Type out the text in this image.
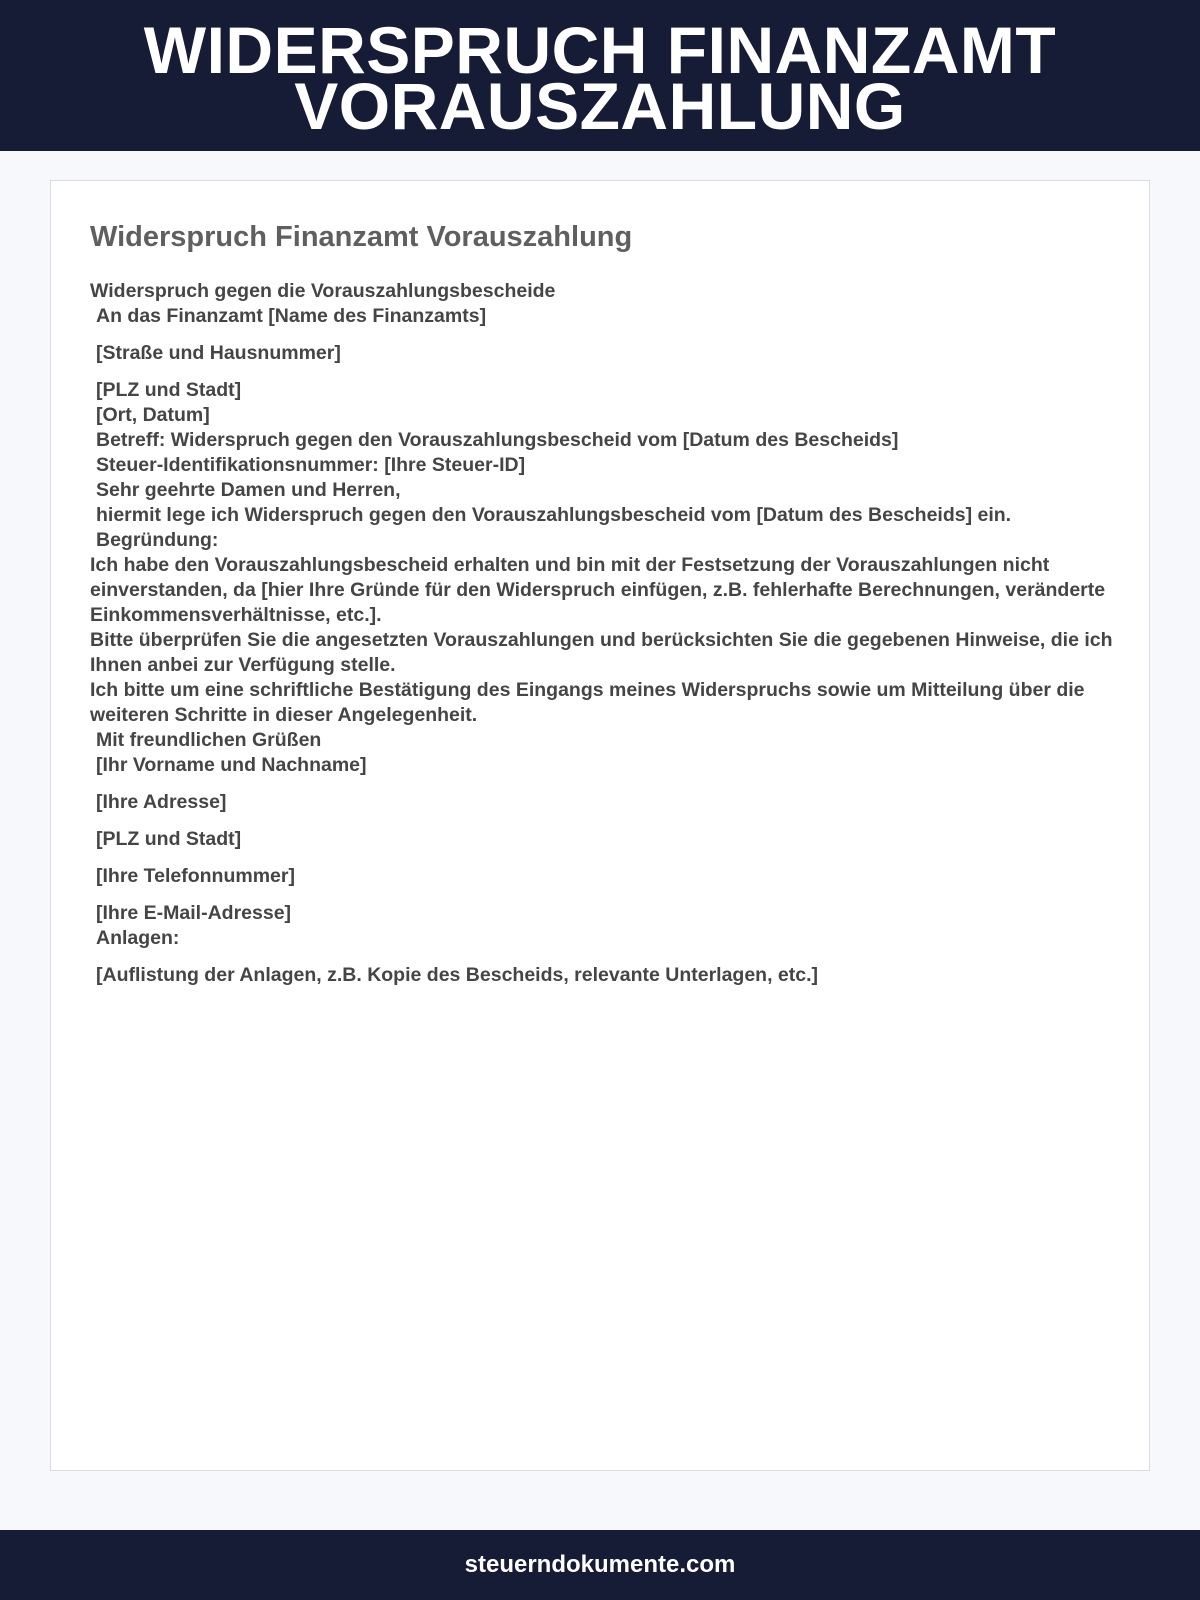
WIDERSPRUCH FINANZAMT VORAUSZAHLUNG
Widerspruch Finanzamt Vorauszahlung

Widerspruch gegen die Vorauszahlungsbescheide

An das Finanzamt [Name des Finanzamts]

[Straße und Hausnummer]

[PLZ und Stadt]

[Ort, Datum]

Betreff: Widerspruch gegen den Vorauszahlungsbescheid vom [Datum des Bescheids]

Steuer-Identifikationsnummer: [Ihre Steuer-ID]

Sehr geehrte Damen und Herren,

hiermit lege ich Widerspruch gegen den Vorauszahlungsbescheid vom [Datum des Bescheids] ein.

Begründung:

Ich habe den Vorauszahlungsbescheid erhalten und bin mit der Festsetzung der Vorauszahlungen nicht einverstanden, da [hier Ihre Gründe für den Widerspruch einfügen, z.B. fehlerhafte Berechnungen, veränderte Einkommensverhältnisse, etc.].

Bitte überprüfen Sie die angesetzten Vorauszahlungen und berücksichten Sie die gegebenen Hinweise, die ich Ihnen anbei zur Verfügung stelle.

Ich bitte um eine schriftliche Bestätigung des Eingangs meines Widerspruchs sowie um Mitteilung über die weiteren Schritte in dieser Angelegenheit.

Mit freundlichen Grüßen

[Ihr Vorname und Nachname]

[Ihre Adresse]

[PLZ und Stadt]

[Ihre Telefonnummer]

[Ihre E-Mail-Adresse]

Anlagen:

[Auflistung der Anlagen, z.B. Kopie des Bescheids, relevante Unterlagen, etc.]

steuerndokumente.com
